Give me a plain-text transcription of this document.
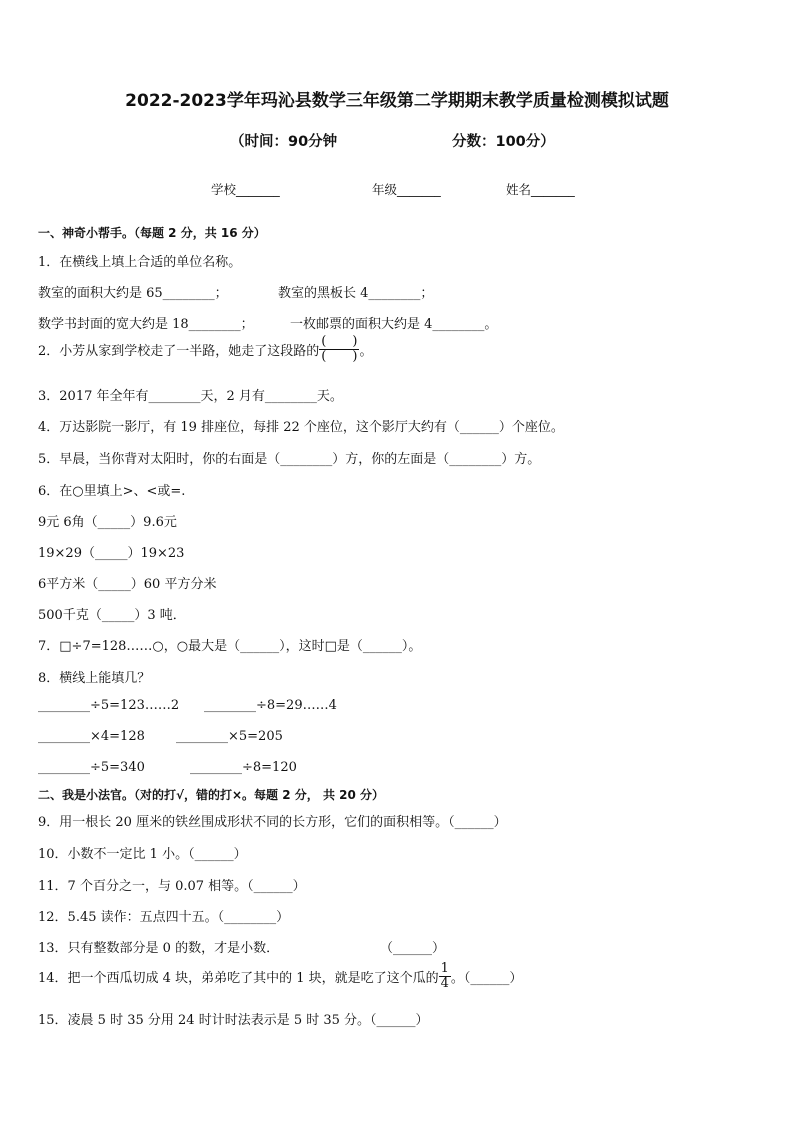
2022-2023学年玛沁县数学三年级第二学期期末教学质量检测模拟试题
（时间：90分钟	分数：100分）
学校_______	年级_______	姓名_______
一、神奇小帮手。（每题 2 分，共 16 分）
1．在横线上填上合适的单位名称。
教室的面积大约是 65________；	教室的黑板长 4________；
数学书封面的宽大约是 18________；	一枚邮票的面积大约是 4________。
2．小芳从家到学校走了一半路，她走了这段路的 $\frac{( )}{( )}$ 。
3．2017 年全年有________天，2 月有________天。
4．万达影院一影厅，有 19 排座位，每排 22 个座位，这个影厅大约有（______）个座位。
5．早晨，当你背对太阳时，你的右面是（________）方，你的左面是（________）方。
6．在○里填上>、<或=.
9元 6角（_____）9.6元
19×29（_____）19×23
6平方米（_____）60 平方分米
500千克（_____）3 吨．
7．□÷7=128……○，○最大是（______），这时□是（______）。
8．横线上能填几？
________÷5=123……2 ________÷8=29……4
________×4=128 ________×5=205
________÷5=340	________÷8=120
二、我是小法官。（对的打√，错的打×。每题 2 分， 共 20 分）
9．用一根长 20 厘米的铁丝围成形状不同的长方形，它们的面积相等。（______）
10．小数不一定比 1 小。（______）
11．7 个百分之一，与 0.07 相等。（______）
12．5.45 读作：五点四十五。（________）
13．只有整数部分是 0 的数，才是小数．	（______）
14．把一个西瓜切成 4 块，弟弟吃了其中的 1 块，就是吃了这个瓜的 $\frac{1}{4}$ 。（______）
15．凌晨 5 时 35 分用 24 时计时法表示是 5 时 35 分。（______）
